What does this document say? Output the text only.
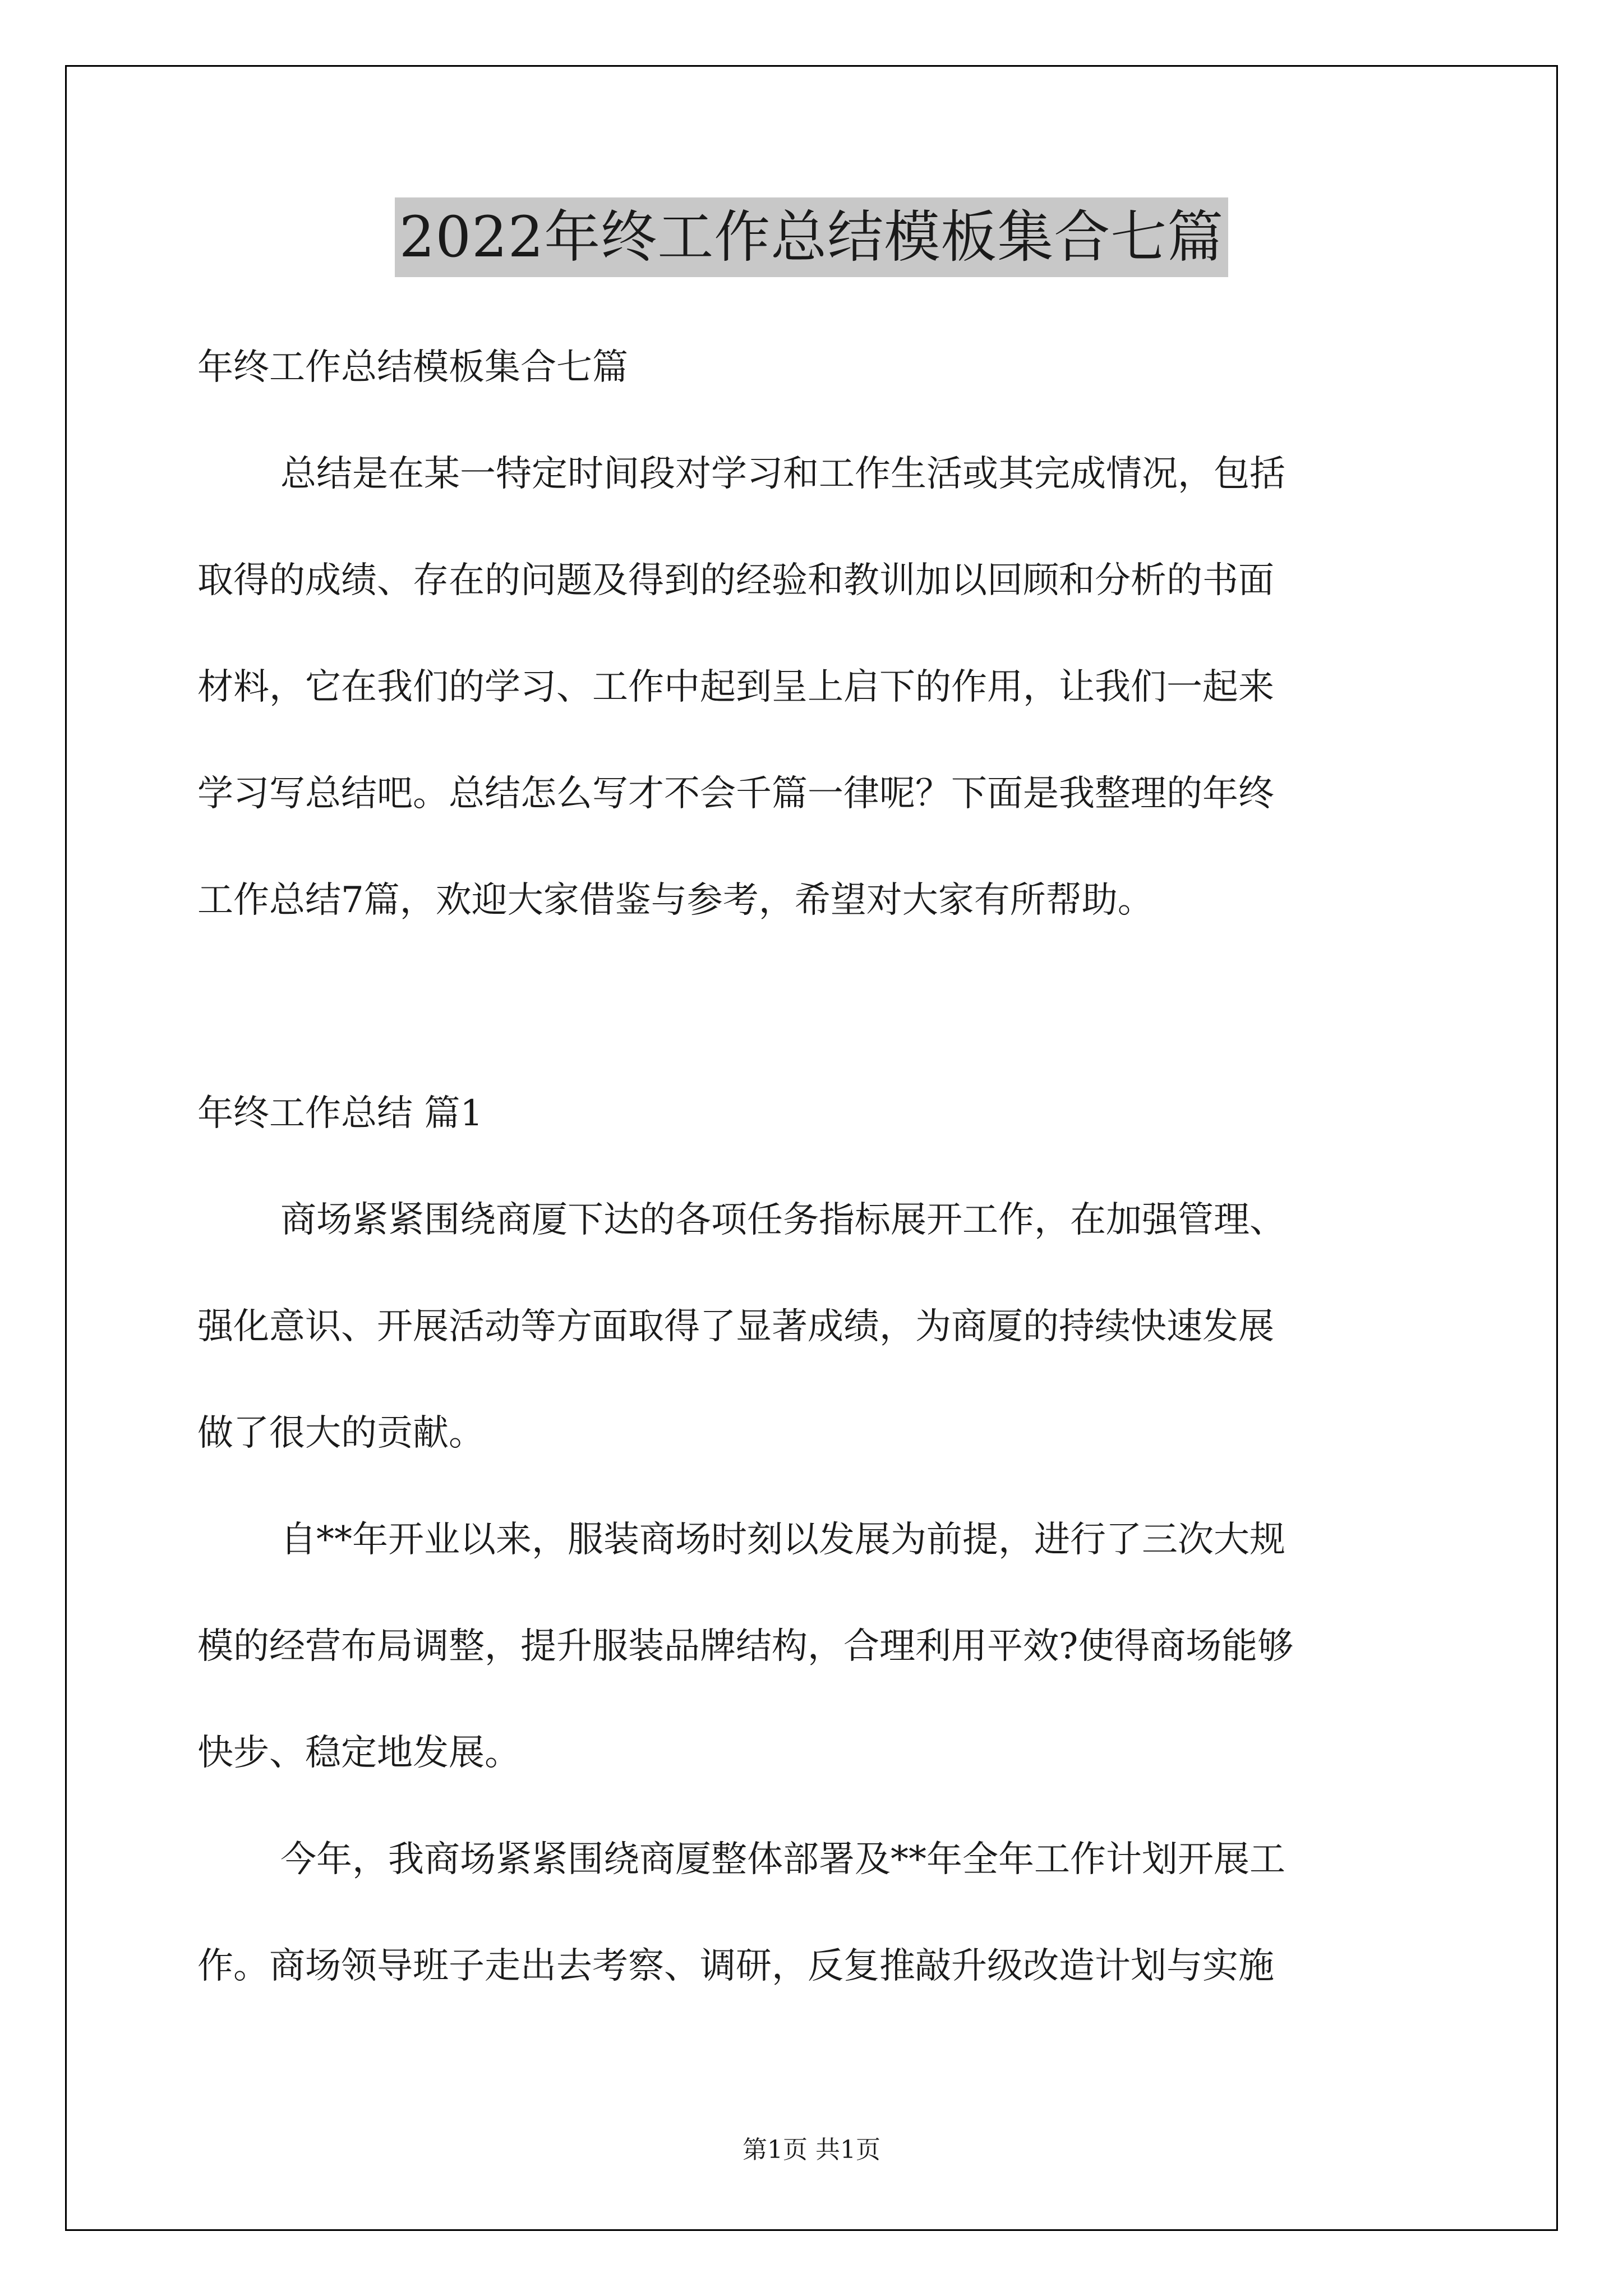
2022年终工作总结模板集合七篇
年终工作总结模板集合七篇
总结是在某一特定时间段对学习和工作生活或其完成情况，包括
取得的成绩、存在的问题及得到的经验和教训加以回顾和分析的书面
材料，它在我们的学习、工作中起到呈上启下的作用，让我们一起来
学习写总结吧。总结怎么写才不会千篇一律呢？下面是我整理的年终
工作总结7篇，欢迎大家借鉴与参考，希望对大家有所帮助。
年终工作总结 篇1
商场紧紧围绕商厦下达的各项任务指标展开工作，在加强管理、
强化意识、开展活动等方面取得了显著成绩，为商厦的持续快速发展
做了很大的贡献。
自**年开业以来，服装商场时刻以发展为前提，进行了三次大规
模的经营布局调整，提升服装品牌结构，合理利用平效?使得商场能够
快步、稳定地发展。
今年，我商场紧紧围绕商厦整体部署及**年全年工作计划开展工
作。商场领导班子走出去考察、调研，反复推敲升级改造计划与实施
第1页 共1页
